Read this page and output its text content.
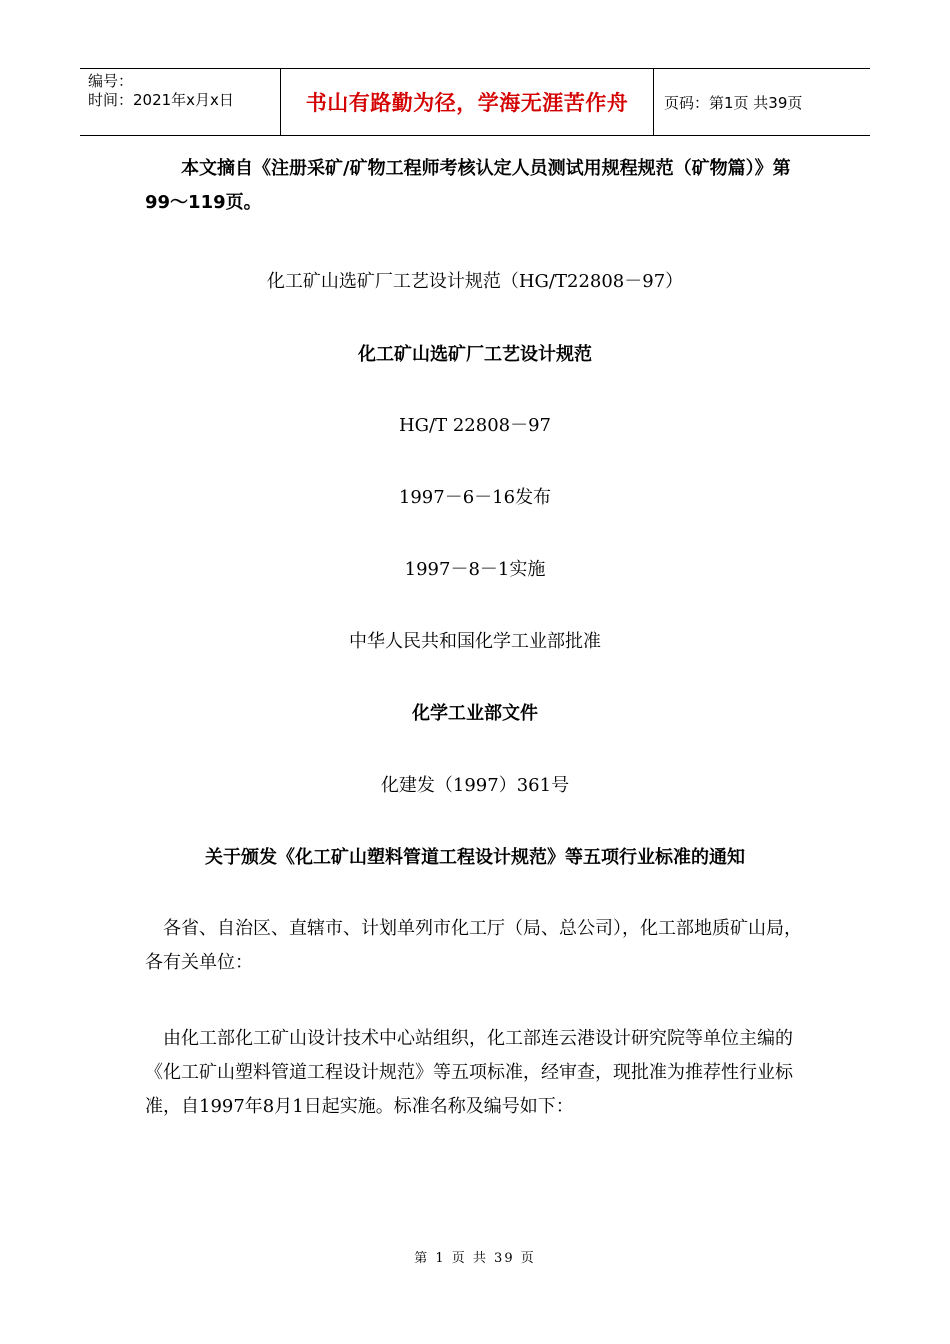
编号：
时间：2021年x月x日	书山有路勤为径，学海无涯苦作舟	页码：第1页 共39页
本文摘自《注册采矿/矿物工程师考核认定人员测试用规程规范（矿物篇）》第99～119页。
化工矿山选矿厂工艺设计规范（HG/T22808－97）
化工矿山选矿厂工艺设计规范
HG/T 22808－97
1997－6－16发布
1997－8－1实施
中华人民共和国化学工业部批准
化学工业部文件
化建发（1997）361号
关于颁发《化工矿山塑料管道工程设计规范》等五项行业标准的通知
各省、自治区、直辖市、计划单列市化工厅（局、总公司），化工部地质矿山局，各有关单位：
由化工部化工矿山设计技术中心站组织，化工部连云港设计研究院等单位主编的《化工矿山塑料管道工程设计规范》等五项标准，经审查，现批准为推荐性行业标准，自1997年8月1日起实施。标准名称及编号如下：
第 1 页 共 39 页
